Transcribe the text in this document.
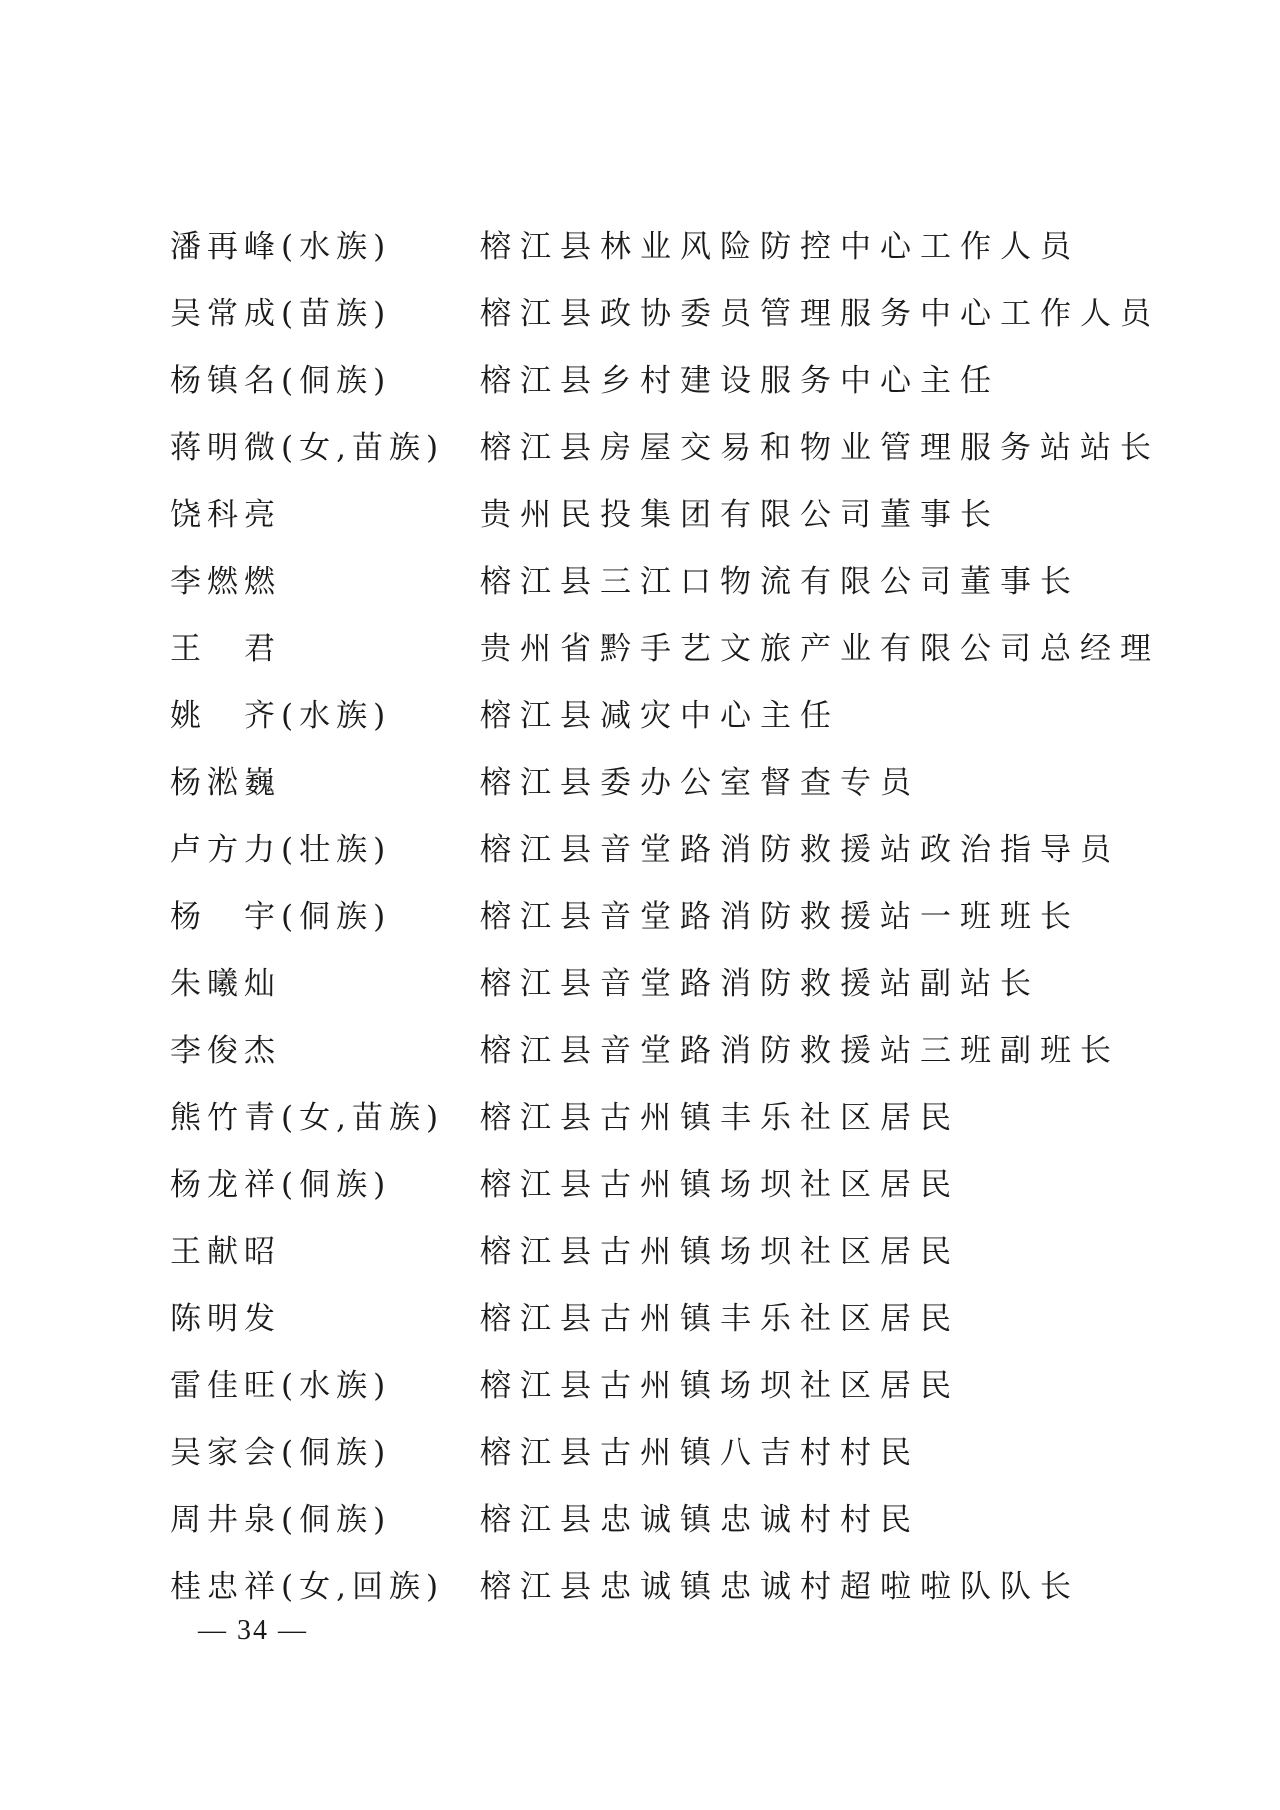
潘再峰(水族)	榕江县林业风险防控中心工作人员
吴常成(苗族)	榕江县政协委员管理服务中心工作人员
杨镇名(侗族)	榕江县乡村建设服务中心主任
蒋明微(女,苗族)	榕江县房屋交易和物业管理服务站站长
饶科亮	贵州民投集团有限公司董事长
李燃燃	榕江县三江口物流有限公司董事长
王　君	贵州省黔手艺文旅产业有限公司总经理
姚　齐(水族)	榕江县减灾中心主任
杨淞巍	榕江县委办公室督查专员
卢方力(壮族)	榕江县音堂路消防救援站政治指导员
杨　宇(侗族)	榕江县音堂路消防救援站一班班长
朱曦灿	榕江县音堂路消防救援站副站长
李俊杰	榕江县音堂路消防救援站三班副班长
熊竹青(女,苗族)	榕江县古州镇丰乐社区居民
杨龙祥(侗族)	榕江县古州镇场坝社区居民
王献昭	榕江县古州镇场坝社区居民
陈明发	榕江县古州镇丰乐社区居民
雷佳旺(水族)	榕江县古州镇场坝社区居民
吴家会(侗族)	榕江县古州镇八吉村村民
周井泉(侗族)	榕江县忠诚镇忠诚村村民
桂忠祥(女,回族)	榕江县忠诚镇忠诚村超啦啦队队长
— 34 —
